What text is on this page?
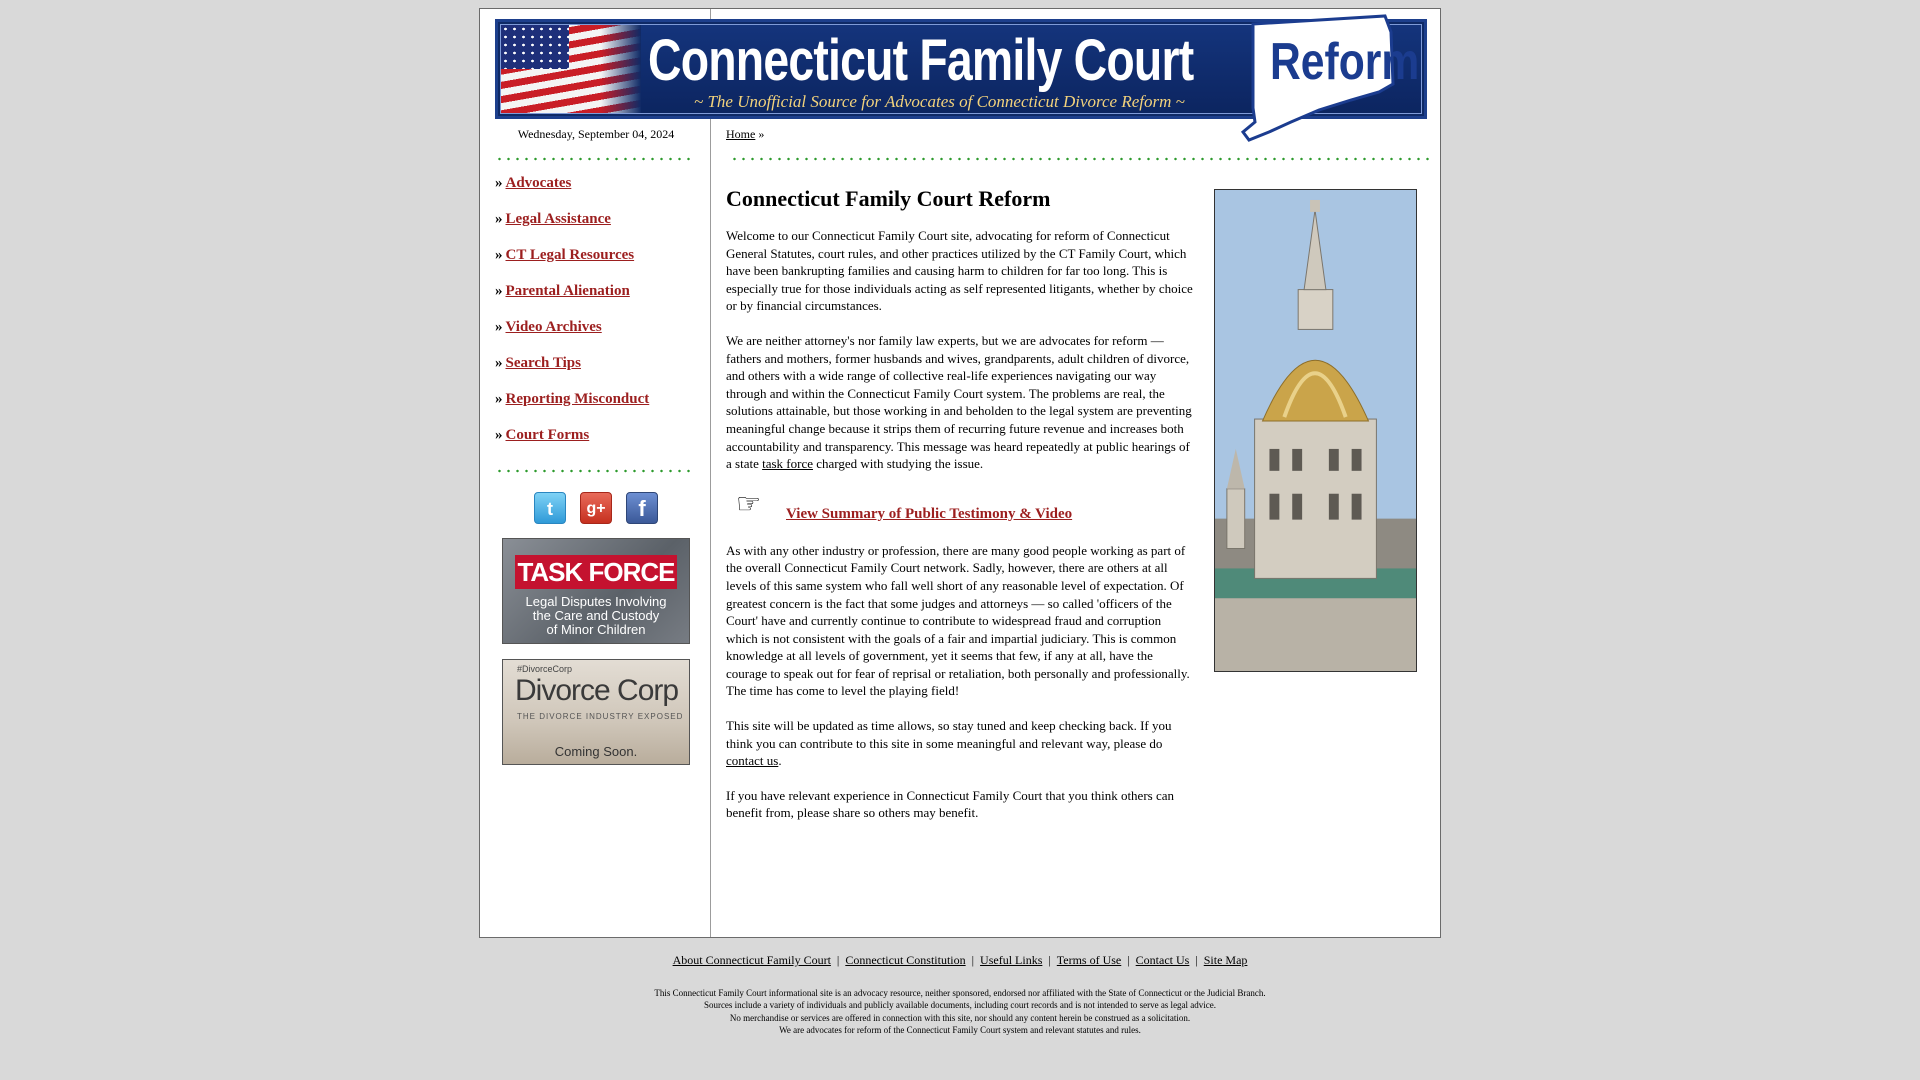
Connecticut Family Court
~ The Unofficial Source for Advocates of Connecticut Divorce Reform ~
Reform
Wednesday, September 04, 2024	Home »
» Advocates
» Legal Assistance
» CT Legal Resources
» Parental Alienation
» Video Archives
» Search Tips
» Reporting Misconduct
» Court Forms
t	g+	f
TASK FORCE
Legal Disputes Involving
the Care and Custody
of Minor Children
#DivorceCorp
Divorce Corp
THE DIVORCE INDUSTRY EXPOSED
Coming Soon.
Connecticut Family Court Reform

Welcome to our Connecticut Family Court site, advocating for reform of Connecticut General Statutes, court rules, and other practices utilized by the CT Family Court, which have been bankrupting families and causing harm to children for far too long. This is especially true for those individuals acting as self represented litigants, whether by choice or by financial circumstances.

We are neither attorney's nor family law experts, but we are advocates for reform — fathers and mothers, former husbands and wives, grandparents, adult children of divorce, and others with a wide range of collective real-life experiences navigating our way through and within the Connecticut Family Court system. The problems are real, the solutions attainable, but those working in and beholden to the legal system are preventing meaningful change because it strips them of recurring future revenue and increases both accountability and transparency. This message was heard repeatedly at public hearings of a state task force charged with studying the issue.

☞ View Summary of Public Testimony & Video

As with any other industry or profession, there are many good people working as part of the overall Connecticut Family Court network. Sadly, however, there are others at all levels of this same system who fall well short of any reasonable level of expectation. Of greatest concern is the fact that some judges and attorneys — so called 'officers of the Court' have and currently continue to contribute to widespread fraud and corruption which is not consistent with the goals of a fair and impartial judiciary. This is common knowledge at all levels of government, yet it seems that few, if any at all, have the courage to speak out for fear of reprisal or retaliation, both personally and professionally. The time has come to level the playing field!

This site will be updated as time allows, so stay tuned and keep checking back. If you think you can contribute to this site in some meaningful and relevant way, please do contact us.

If you have relevant experience in Connecticut Family Court that you think others can benefit from, please share so others may benefit.

About Connecticut Family Court | Connecticut Constitution | Useful Links | Terms of Use | Contact Us | Site Map
This Connecticut Family Court informational site is an advocacy resource, neither sponsored, endorsed nor affiliated with the State of Connecticut or the Judicial Branch.
Sources include a variety of individuals and publicly available documents, including court records and is not intended to serve as legal advice.
No merchandise or services are offered in connection with this site, nor should any content herein be construed as a solicitation.
We are advocates for reform of the Connecticut Family Court system and relevant statutes and rules.
